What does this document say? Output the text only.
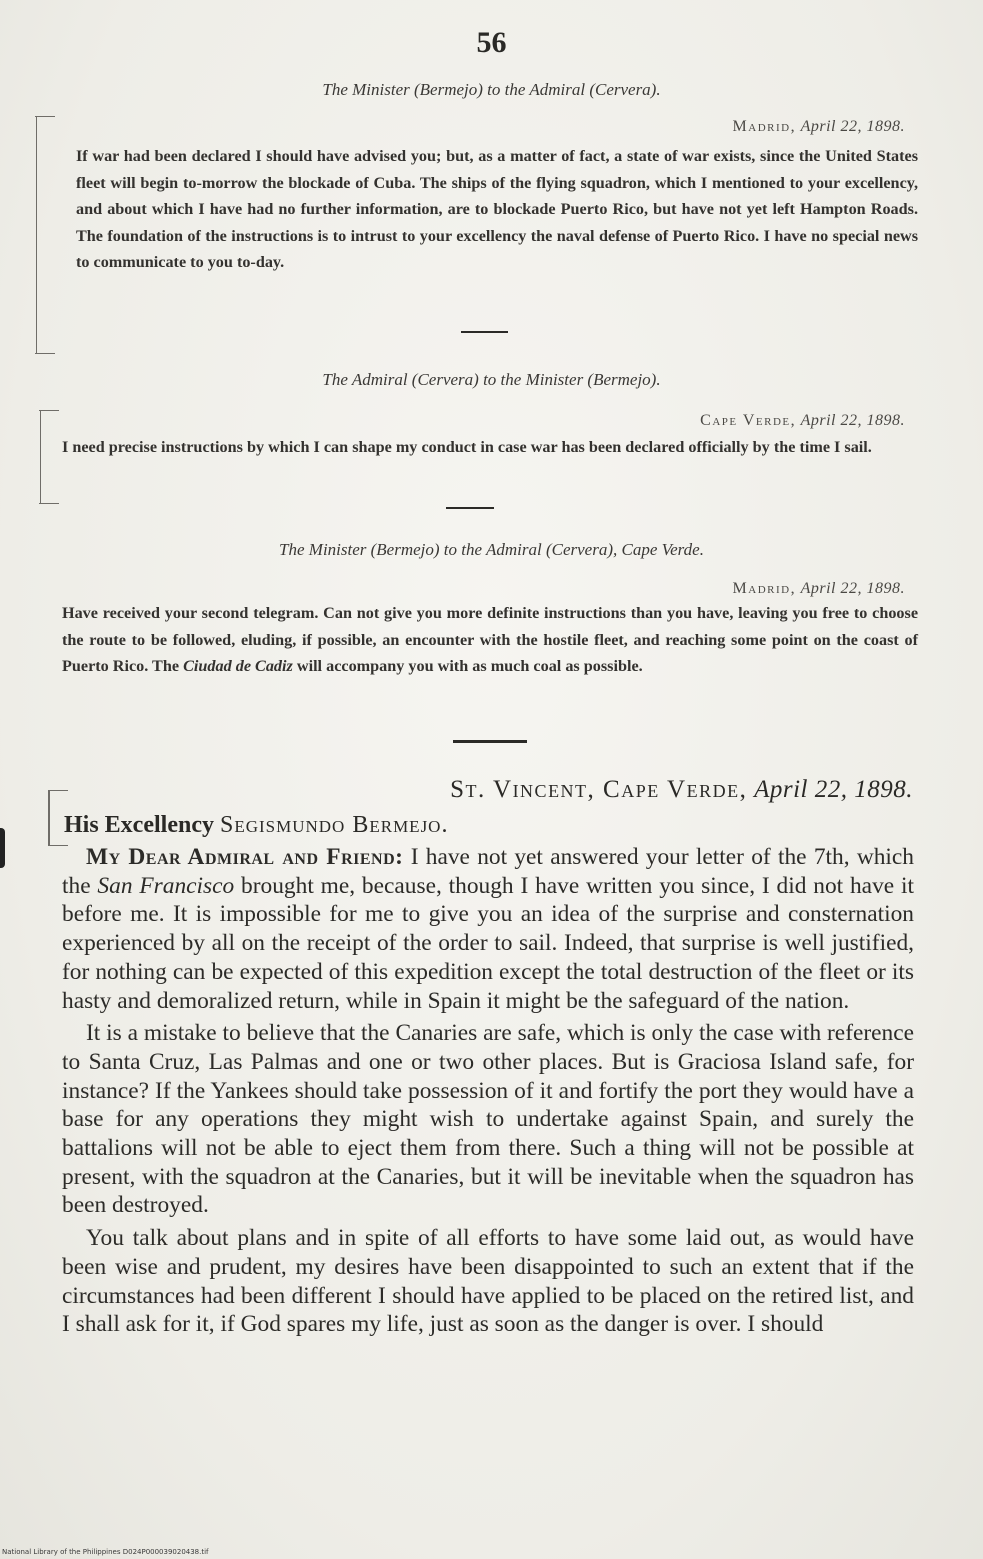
56
The Minister (Bermejo) to the Admiral (Cervera).
Madrid, April 22, 1898.

If war had been declared I should have advised you; but, as a matter of fact, a state of war exists, since the United States fleet will begin to-morrow the blockade of Cuba. The ships of the flying squadron, which I mentioned to your excellency, and about which I have had no further information, are to blockade Puerto Rico, but have not yet left Hampton Roads. The foundation of the instructions is to intrust to your excellency the naval defense of Puerto Rico. I have no special news to communicate to you to-day.

The Admiral (Cervera) to the Minister (Bermejo).
Cape Verde, April 22, 1898.

I need precise instructions by which I can shape my conduct in case war has been declared officially by the time I sail.

The Minister (Bermejo) to the Admiral (Cervera), Cape Verde.
Madrid, April 22, 1898.

Have received your second telegram. Can not give you more definite instructions than you have, leaving you free to choose the route to be followed, eluding, if possible, an encounter with the hostile fleet, and reaching some point on the coast of Puerto Rico. The Ciudad de Cadiz will accompany you with as much coal as possible.

St. Vincent, Cape Verde, April 22, 1898.
His Excellency Segismundo Bermejo.

My Dear Admiral and Friend: I have not yet answered your letter of the 7th, which the San Francisco brought me, because, though I have written you since, I did not have it before me. It is impossible for me to give you an idea of the surprise and consternation experienced by all on the receipt of the order to sail. Indeed, that surprise is well justified, for nothing can be expected of this expedition except the total destruction of the fleet or its hasty and demoralized return, while in Spain it might be the safeguard of the nation.

It is a mistake to believe that the Canaries are safe, which is only the case with reference to Santa Cruz, Las Palmas and one or two other places. But is Graciosa Island safe, for instance? If the Yankees should take possession of it and fortify the port they would have a base for any operations they might wish to undertake against Spain, and surely the battalions will not be able to eject them from there. Such a thing will not be possible at present, with the squadron at the Canaries, but it will be inevitable when the squadron has been destroyed.

You talk about plans and in spite of all efforts to have some laid out, as would have been wise and prudent, my desires have been disappointed to such an extent that if the circumstances had been different I should have applied to be placed on the retired list, and I shall ask for it, if God spares my life, just as soon as the danger is over. I should

National Library of the Philippines D024P000039020438.tif
